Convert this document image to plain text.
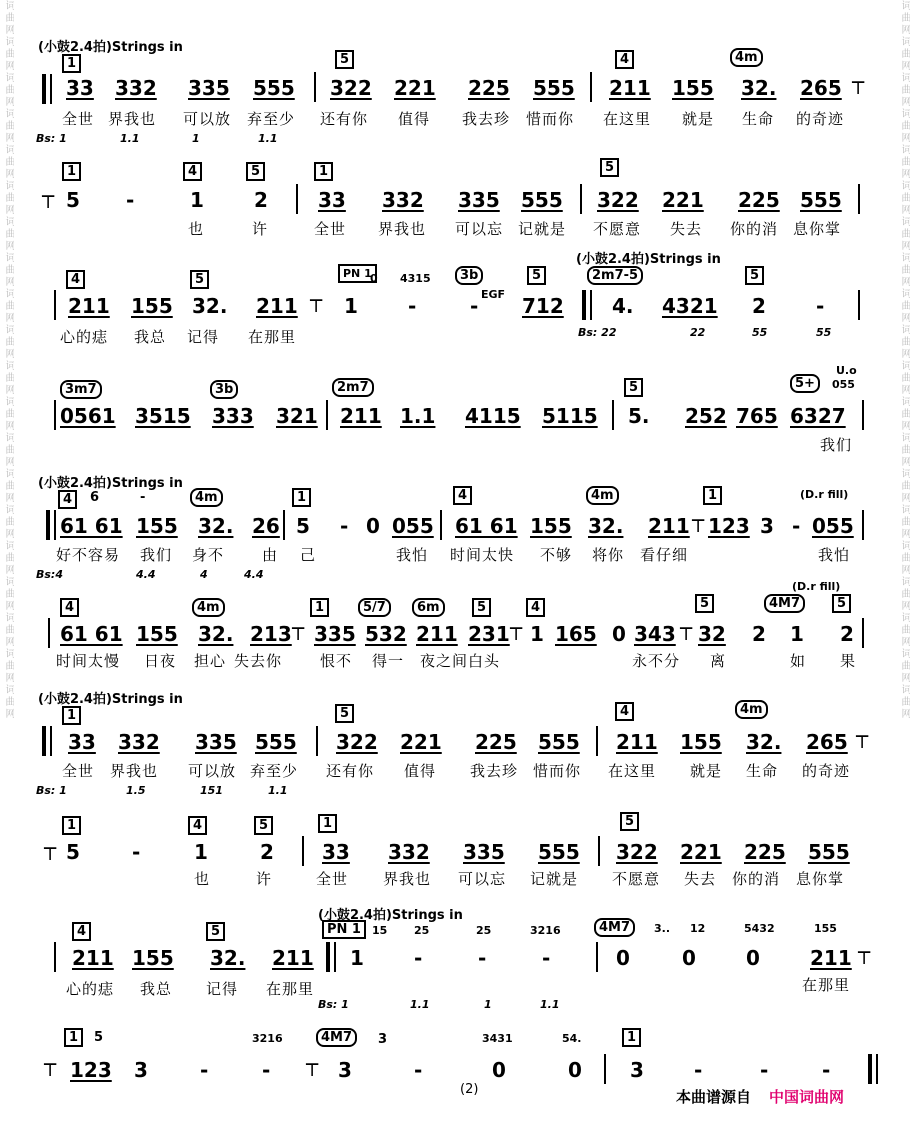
词曲网词曲网词曲网词曲网词曲网词曲网词曲网词曲网词曲网词曲网词曲网词曲网词曲网词曲网词曲网词曲网词曲网词曲网词曲网词曲网
词曲网词曲网词曲网词曲网词曲网词曲网词曲网词曲网词曲网词曲网词曲网词曲网词曲网词曲网词曲网词曲网词曲网词曲网词曲网词曲网
(小鼓2.4拍)Strings in
1	5	4	4m
33 332 335 555 322 221 225 555 211 155 32. 265 ┬
全世 界我也 可以放 弃至少 还有你 值得 我去珍 惜而你 在这里 就是 生命 的奇迹
Bs: 1	1.1	1	1.1
1	4	5	1	5
┬ 5 -	1	2	33 332 335 555 322 221 225 555
也	许	全世 界我也 可以忘 记就是 不愿意 失去 你的消 息你掌
4	5	PN 1	3b	5	2m7-5	5
(小鼓2.4拍)Strings in
211 155 32. 211 ┬ 1
0 4315
-	- EGF 712 4. 4321 2	-
心的痣 我总 记得 在那里	Bs: 22	22	55	55
3m7	3b	2m7	5	5+
U.o
055
0561 3515 333 321 211 1.1 4115 5115 5. 252 765 6327
我们
(小鼓2.4拍)Strings in
4	6	-	4m	1	4	4m	1	(D.r fill)
61 61 155 32. 26 5 - 0 055 61 61 155 32. 211 ┬ 123 3 - 055
好不容易 我们 身不	由 己	我怕 时间太快 不够 将你 看仔细	我怕
Bs:4	4.4	4	4.4
4	4m	1	5/7	6m	5	4	5	4M7	5
(D.r fill)
61 61 155 32. 213 ┬ 335 532 211 231 ┬ 1 165 0 343 ┬ 32 2 1 2
时间太慢 日夜 担心 失去你	恨不 得一 夜之间白头	永不分 离	如 果
(小鼓2.4拍)Strings in
1	5	4	4m
33 332 335 555 322 221 225 555 211 155 32. 265 ┬
全世 界我也 可以放 弃至少 还有你 值得 我去珍 惜而你 在这里 就是 生命 的奇迹
Bs: 1	1.5	151	1.1
1	4	5	1	5
┬ 5	-	1	2 33 332 335 555 322 221 225 555
也	许	全世 界我也 可以忘 记就是 不愿意 失去 你的消 息你掌
(小鼓2.4拍)Strings in
4	5	PN 1	4M7
15 25	25	3216	3.. 12	5432	155
211 155 32. 211 1	-	-	-	0	0	0	211 ┬
心的痣 我总 记得 在那里	在那里
Bs: 1	1.1	1	1.1
1	4M7	1
5	3216	3	3431	54.
┬ 123 3	-	- ┬ 3	-	0	0 3	-	-	-
(2)	本曲谱源自 中国词曲网
